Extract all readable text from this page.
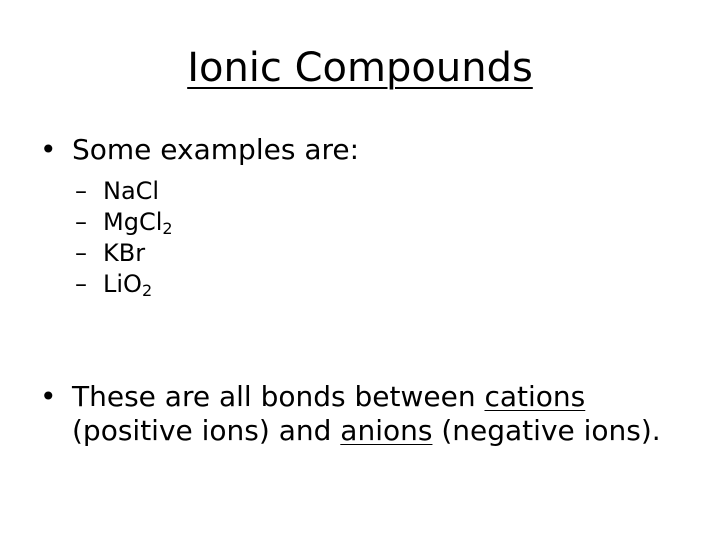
Ionic Compounds
• Some examples are:
– NaCl
– MgCl$_2$
– KBr
– LiO$_2$
• These are all bonds between cations (positive ions) and anions (negative ions).
